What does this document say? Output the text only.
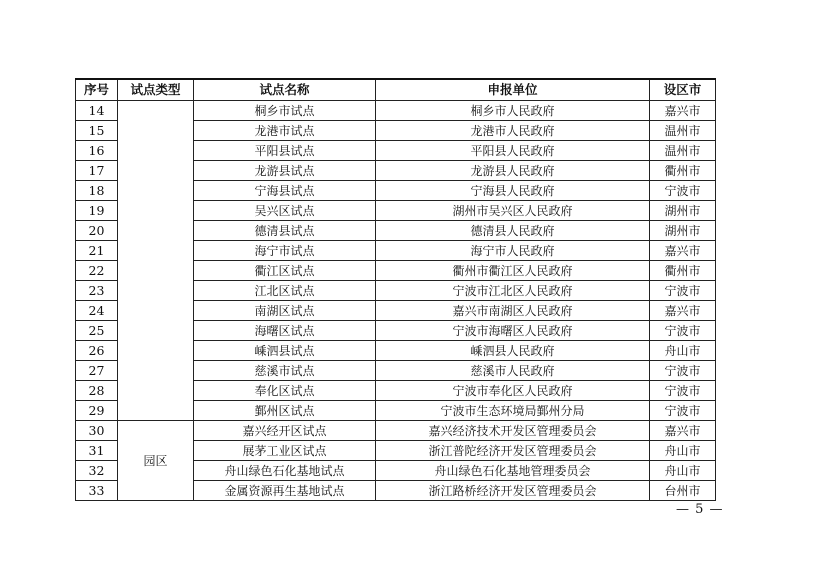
序号	试点类型	试点名称	申报单位	设区市
14		桐乡市试点	桐乡市人民政府	嘉兴市
15		龙港市试点	龙港市人民政府	温州市
16		平阳县试点	平阳县人民政府	温州市
17		龙游县试点	龙游县人民政府	衢州市
18		宁海县试点	宁海县人民政府	宁波市
19		吴兴区试点	湖州市吴兴区人民政府	湖州市
20		德清县试点	德清县人民政府	湖州市
21		海宁市试点	海宁市人民政府	嘉兴市
22		衢江区试点	衢州市衢江区人民政府	衢州市
23		江北区试点	宁波市江北区人民政府	宁波市
24		南湖区试点	嘉兴市南湖区人民政府	嘉兴市
25		海曙区试点	宁波市海曙区人民政府	宁波市
26		嵊泗县试点	嵊泗县人民政府	舟山市
27		慈溪市试点	慈溪市人民政府	宁波市
28		奉化区试点	宁波市奉化区人民政府	宁波市
29		鄞州区试点	宁波市生态环境局鄞州分局	宁波市
30	园区	嘉兴经开区试点	嘉兴经济技术开发区管理委员会	嘉兴市
31		展茅工业区试点	浙江普陀经济开发区管理委员会	舟山市
32		舟山绿色石化基地试点	舟山绿色石化基地管理委员会	舟山市
33		金属资源再生基地试点	浙江路桥经济开发区管理委员会	台州市
— 5 —
